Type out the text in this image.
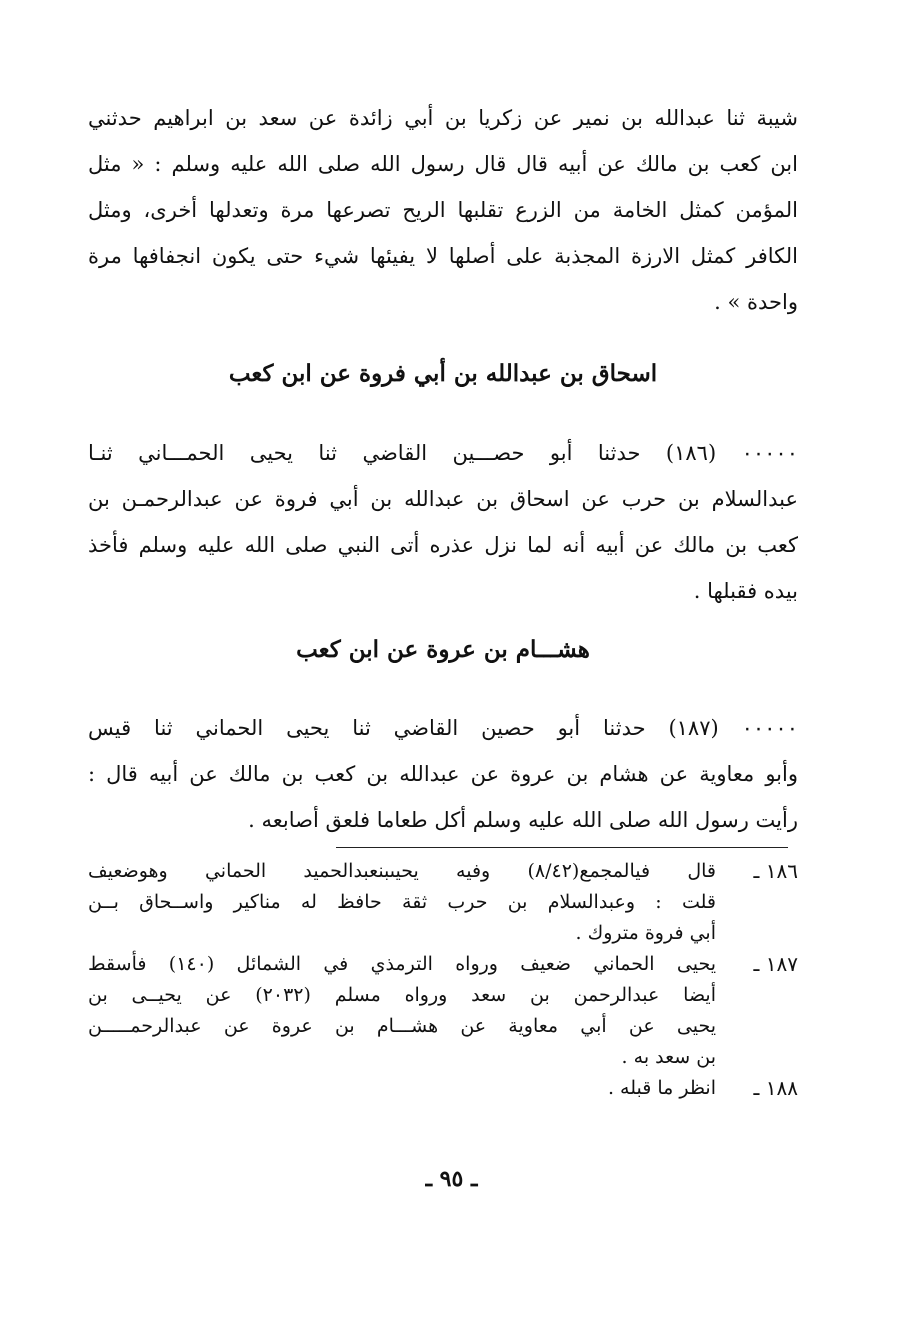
شيبة ثنا عبدالله بن نمير عن زكريا بن أبي زائدة عن سعد بن ابراهيم حدثني
ابن كعب بن مالك عن أبيه قال قال رسول الله صلى الله عليه وسلم : « مثل
المؤمن كمثل الخامة من الزرع تقلبها الريح تصرعها مرة وتعدلها أخرى، ومثل
الكافر كمثل الارزة المجذبة على أصلها لا يفيئها شيء حتى يكون انجفافها مرة
واحدة » .
اسحاق بن عبدالله بن أبي فروة عن ابن كعب
٠٠٠٠٠ (١٨٦) حدثنا أبو حصـــين القاضي ثنا يحيى الحمـــاني ثنـا
عبدالسلام بن حرب عن اسحاق بن عبدالله بن أبي فروة عن عبدالرحمـن بن
كعب بن مالك عن أبيه أنه لما نزل عذره أتى النبي صلى الله عليه وسلم فأخذ
بيده فقبلها .
هشـــام بن عروة عن ابن كعب
٠٠٠٠٠ (١٨٧) حدثنا أبو حصين القاضي ثنا يحيى الحماني ثنا قيس
وأبو معاوية عن هشام بن عروة عن عبدالله بن كعب بن مالك عن أبيه قال :
رأيت رسول الله صلى الله عليه وسلم أكل طعاما فلعق أصابعه .
١٨٦ ـ
قال فيالمجمع(٨/٤٢) وفيه يحيىبنعبدالحميد الحماني وهوضعيف
قلت : وعبدالسلام بن حرب ثقة حافظ له مناكير واســحاق بــن
أبي فروة متروك .
١٨٧ ـ
يحيى الحماني ضعيف ورواه الترمذي في الشمائل (١٤٠) فأسقط
أيضا عبدالرحمن بن سعد ورواه مسلم (٢٠٣٢) عن يحيــى بن
يحيى عن أبي معاوية عن هشـــام بن عروة عن عبدالرحمـــــن
بن سعد به .
١٨٨ ـ
انظر ما قبله .
ـ ٩٥ ـ
